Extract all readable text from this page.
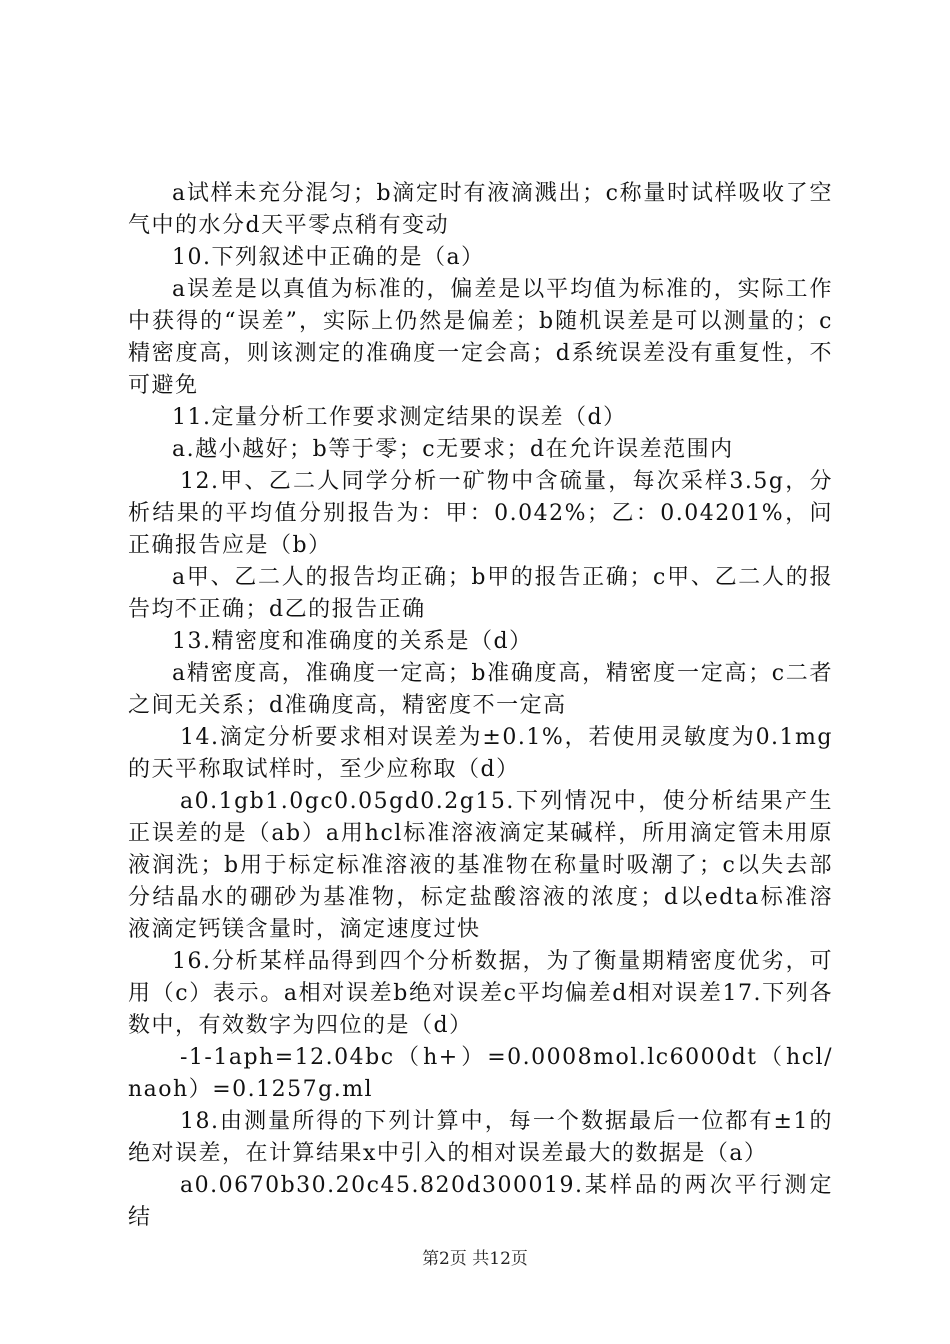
a试样未充分混匀；b滴定时有液滴溅出；c称量时试样吸收了空气中的水分d天平零点稍有变动

10.下列叙述中正确的是（a）

a误差是以真值为标准的，偏差是以平均值为标准的，实际工作中获得的“误差”，实际上仍然是偏差；b随机误差是可以测量的；c精密度高，则该测定的准确度一定会高；d系统误差没有重复性，不可避免

11.定量分析工作要求测定结果的误差（d）

a.越小越好；b等于零；c无要求；d在允许误差范围内

12.甲、乙二人同学分析一矿物中含硫量，每次采样3.5g，分析结果的平均值分别报告为：甲：0.042%；乙：0.04201%，问正确报告应是（b）

a甲、乙二人的报告均正确；b甲的报告正确；c甲、乙二人的报告均不正确；d乙的报告正确

13.精密度和准确度的关系是（d）

a精密度高，准确度一定高；b准确度高，精密度一定高；c二者之间无关系；d准确度高，精密度不一定高

14.滴定分析要求相对误差为±0.1%，若使用灵敏度为0.1mg的天平称取试样时，至少应称取（d）

a0.1gb1.0gc0.05gd0.2g15.下列情况中，使分析结果产生正误差的是（ab）a用hcl标准溶液滴定某碱样，所用滴定管未用原液润洗；b用于标定标准溶液的基准物在称量时吸潮了；c以失去部分结晶水的硼砂为基准物，标定盐酸溶液的浓度；d以edta标准溶液滴定钙镁含量时，滴定速度过快

16.分析某样品得到四个分析数据，为了衡量期精密度优劣，可用（c）表示。a相对误差b绝对误差c平均偏差d相对误差17.下列各数中，有效数字为四位的是（d）

-1-1aph=12.04bc（h+）=0.0008mol.lc6000dt（hcl/naoh）=0.1257g.ml

18.由测量所得的下列计算中，每一个数据最后一位都有±1的绝对误差，在计算结果x中引入的相对误差最大的数据是（a）

a0.0670b30.20c45.820d300019.某样品的两次平行测定结

第2页 共12页
